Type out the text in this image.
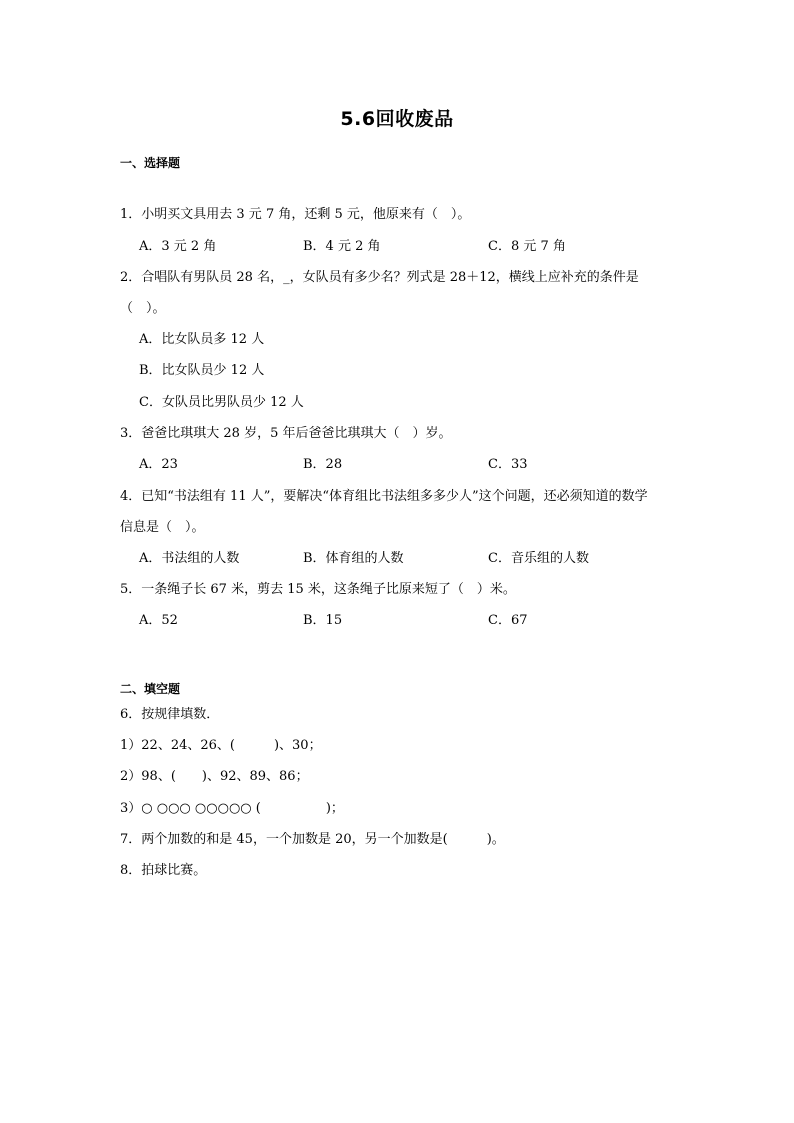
5.6回收废品
一、选择题
1．小明买文具用去 3 元 7 角，还剩 5 元，他原来有（　）。
A．3 元 2 角	B．4 元 2 角	C．8 元 7 角
2．合唱队有男队员 28 名，_，女队员有多少名？列式是 28＋12，横线上应补充的条件是
（　）。
A．比女队员多 12 人
B．比女队员少 12 人
C．女队员比男队员少 12 人
3．爸爸比琪琪大 28 岁，5 年后爸爸比琪琪大（　）岁。
A．23	B．28	C．33
4．已知“书法组有 11 人”，要解决“体育组比书法组多多少人”这个问题，还必须知道的数学
信息是（　）。
A．书法组的人数	B．体育组的人数	C．音乐组的人数
5．一条绳子长 67 米，剪去 15 米，这条绳子比原来短了（　）米。
A．52	B．15	C．67
二、填空题
6．按规律填数．
1）22、24、26、(　　　)、30；
2）98、(　　)、92、89、86；
3）○ ○○○ ○○○○○ (　　　　　)；
7．两个加数的和是 45，一个加数是 20，另一个加数是(　　　)。
8．拍球比赛。
